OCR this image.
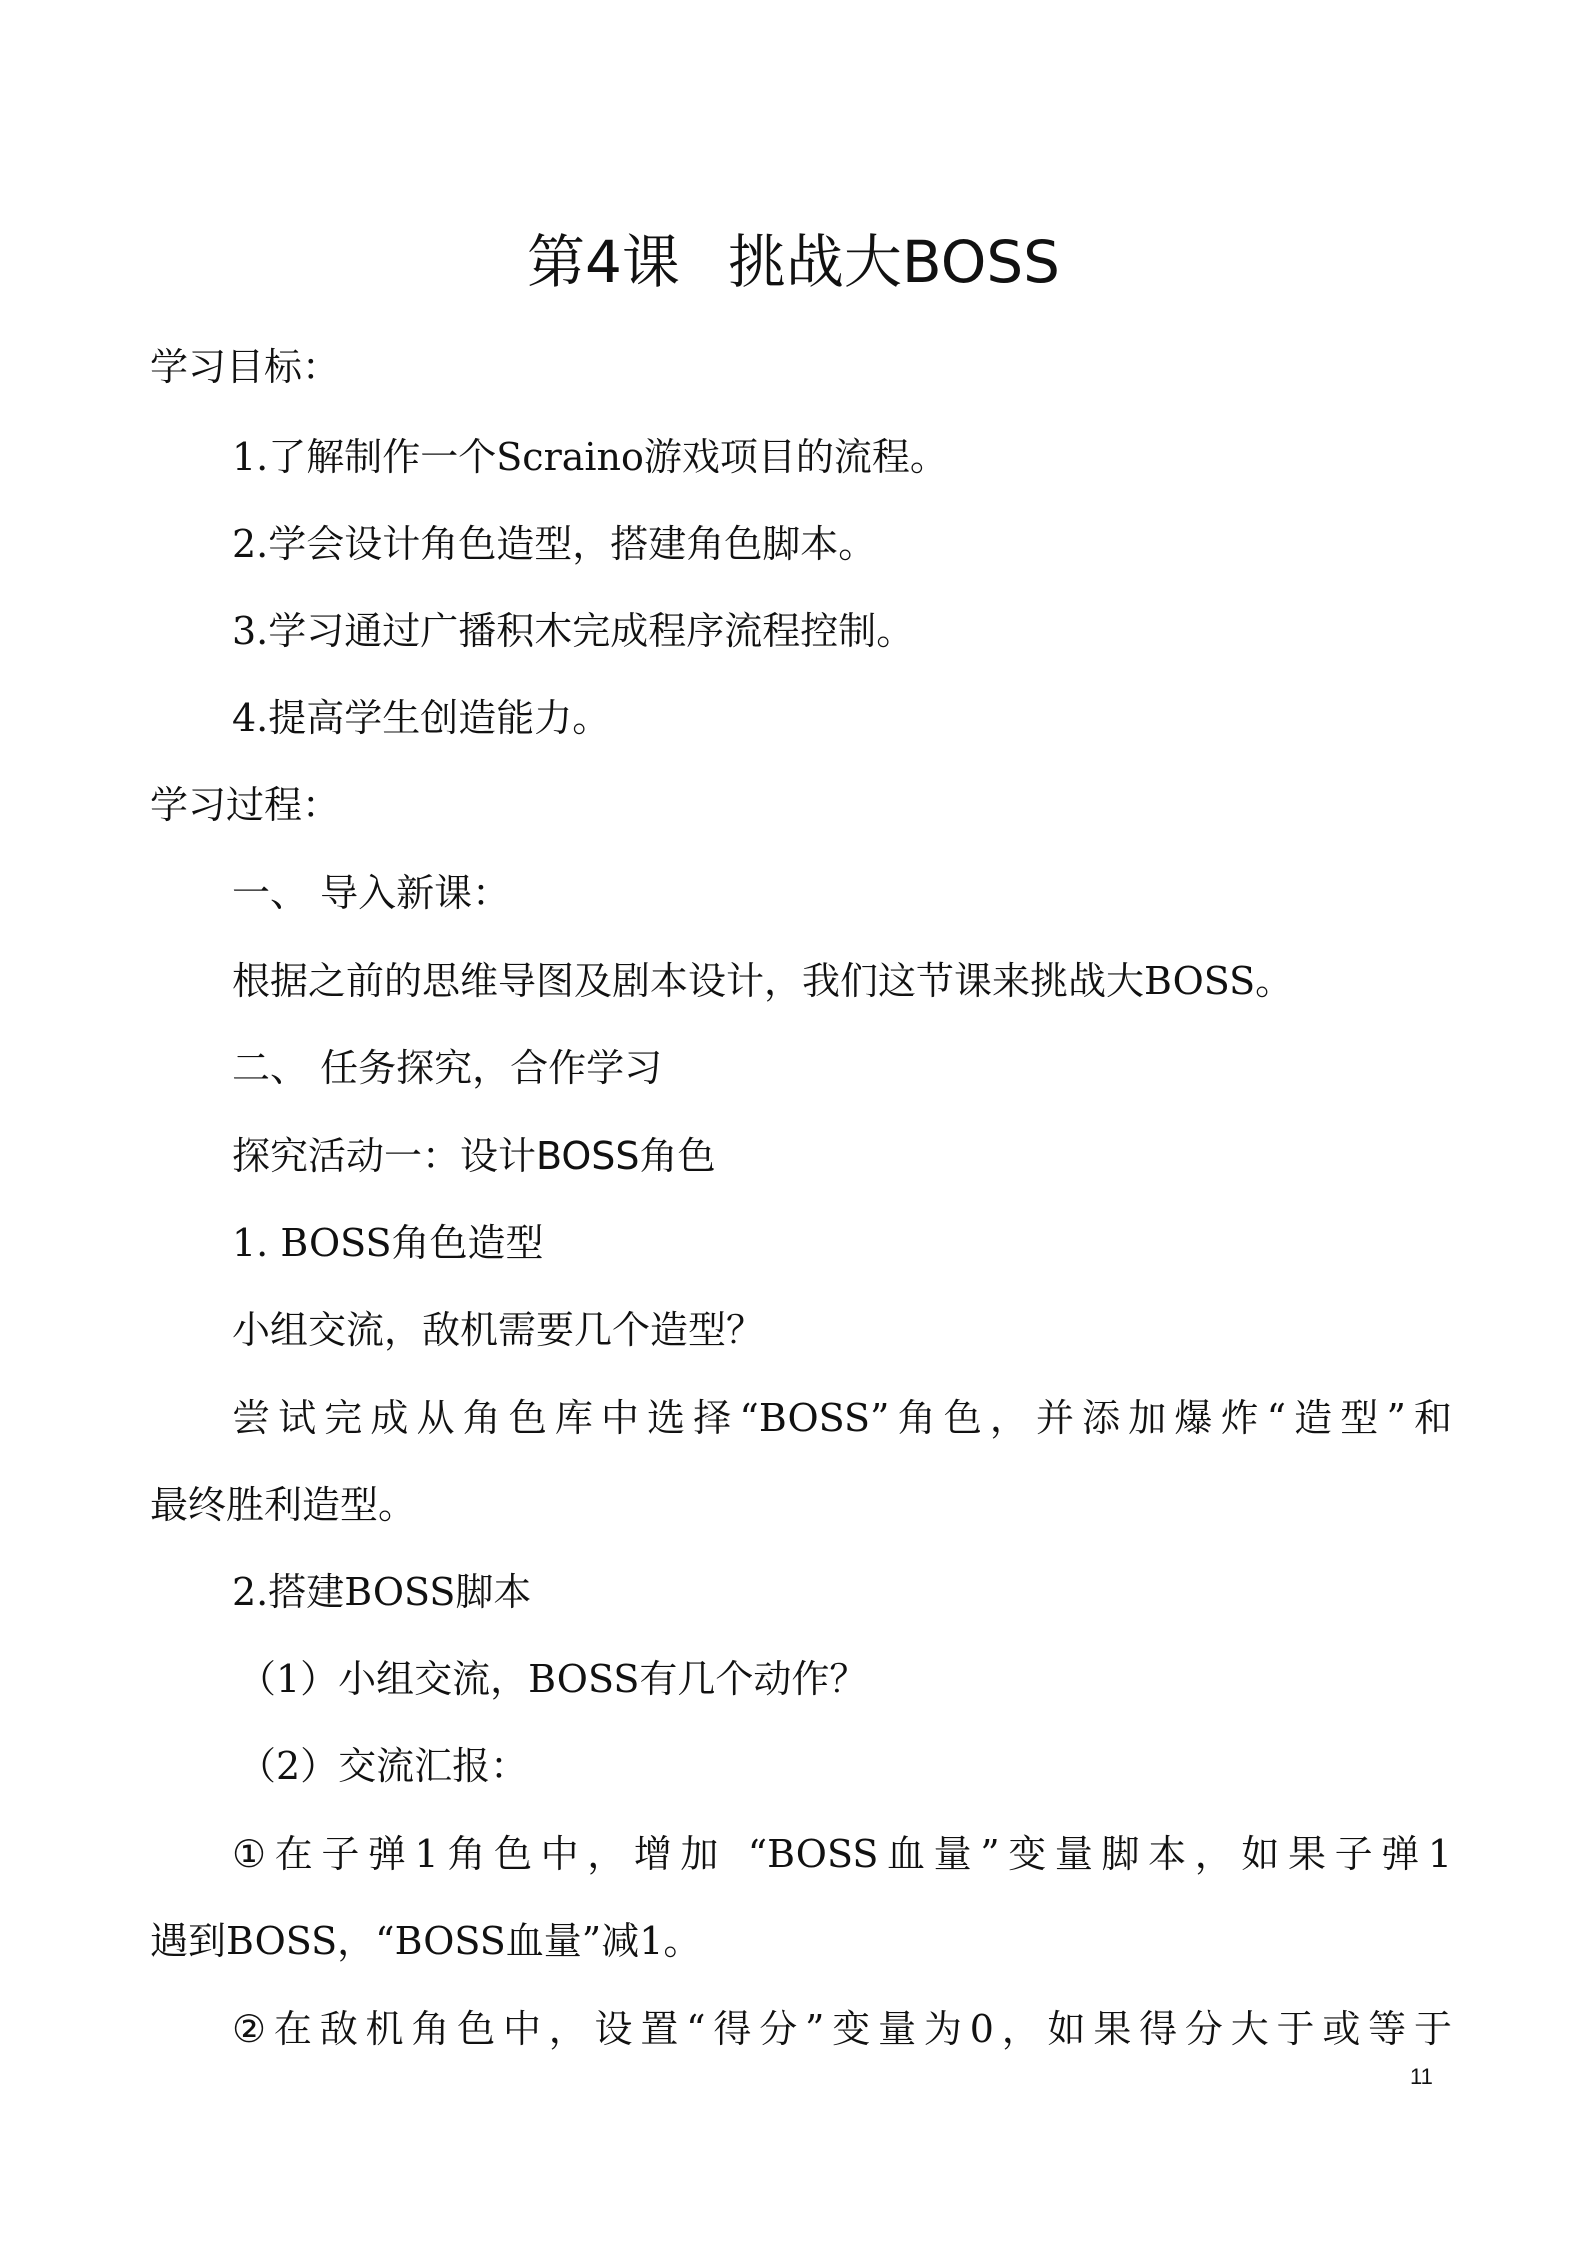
第4课 挑战大BOSS

学习目标：

1.了解制作一个Scraino游戏项目的流程。

2.学会设计角色造型，搭建角色脚本。

3.学习通过广播积木完成程序流程控制。

4.提高学生创造能力。

学习过程：

一、 导入新课：

根据之前的思维导图及剧本设计，我们这节课来挑战大BOSS。

二、 任务探究，合作学习

探究活动一：设计BOSS角色

1. BOSS角色造型

小组交流，敌机需要几个造型？

尝试完成从角色库中选择“BOSS”角色，并添加爆炸“造型”和

最终胜利造型。

2.搭建BOSS脚本

（1）小组交流，BOSS有几个动作？

（2）交流汇报：

①在子弹1角色中，增加 “BOSS血量”变量脚本，如果子弹1

遇到BOSS，“BOSS血量”减1。

②在敌机角色中，设置“得分”变量为0，如果得分大于或等于

11
